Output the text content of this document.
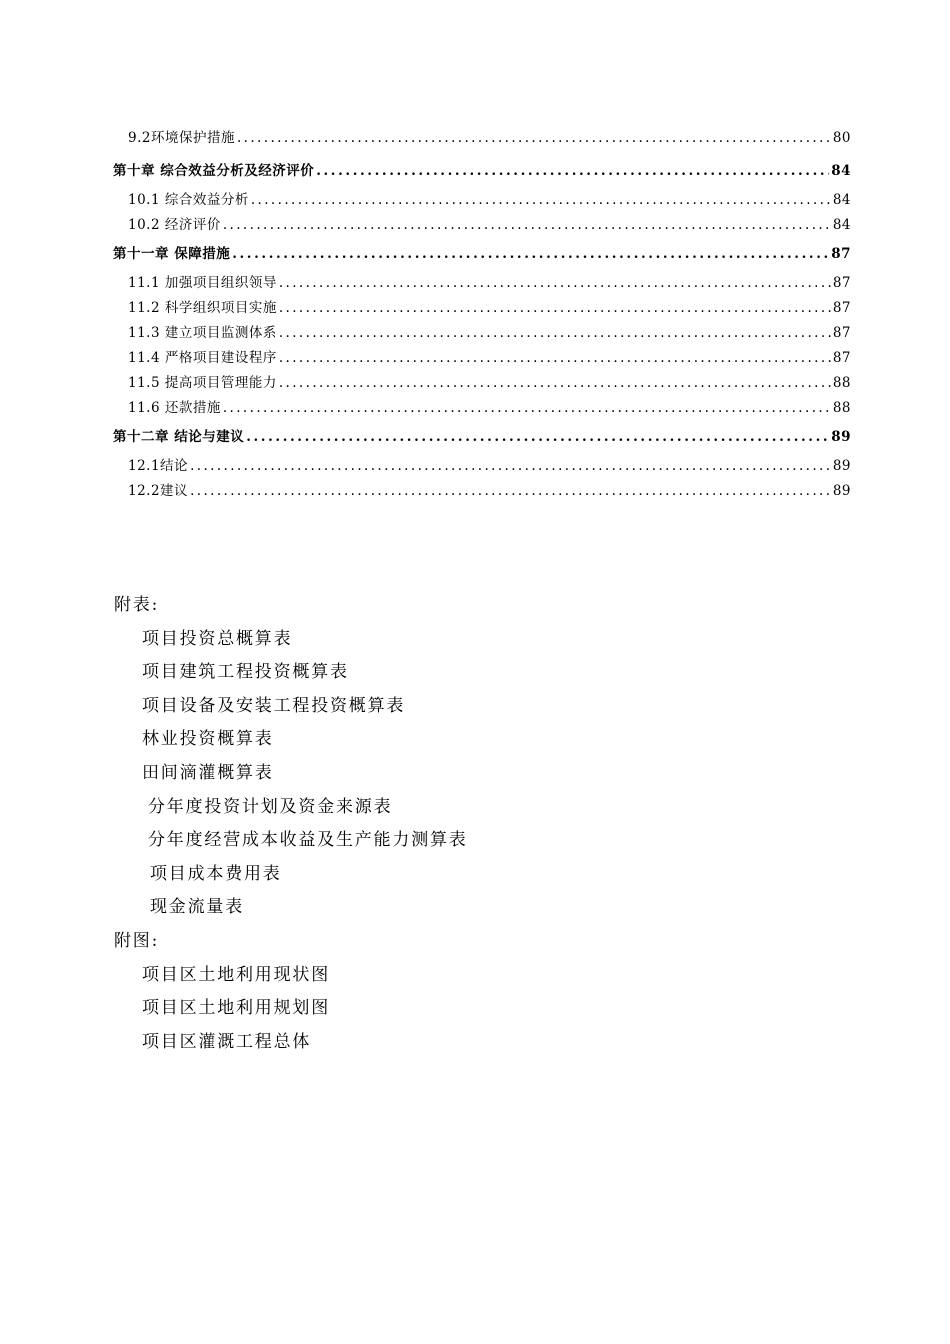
9.2环境保护措施 .....	80
第十章 综合效益分析及经济评价 .....	84
10.1 综合效益分析 .....	84
10.2 经济评价 .....	84
第十一章 保障措施 .....	87
11.1 加强项目组织领导 .....	87
11.2 科学组织项目实施 .....	87
11.3 建立项目监测体系 .....	87
11.4 严格项目建设程序 .....	87
11.5 提高项目管理能力 .....	88
11.6 还款措施 .....	88
第十二章 结论与建议 .....	89
12.1结论 .....	89
12.2建议 .....	89
附表:
项目投资总概算表
项目建筑工程投资概算表
项目设备及安装工程投资概算表
林业投资概算表
田间滴灌概算表
分年度投资计划及资金来源表
分年度经营成本收益及生产能力测算表
项目成本费用表
现金流量表
附图:
项目区土地利用现状图
项目区土地利用规划图
项目区灌溉工程总体
